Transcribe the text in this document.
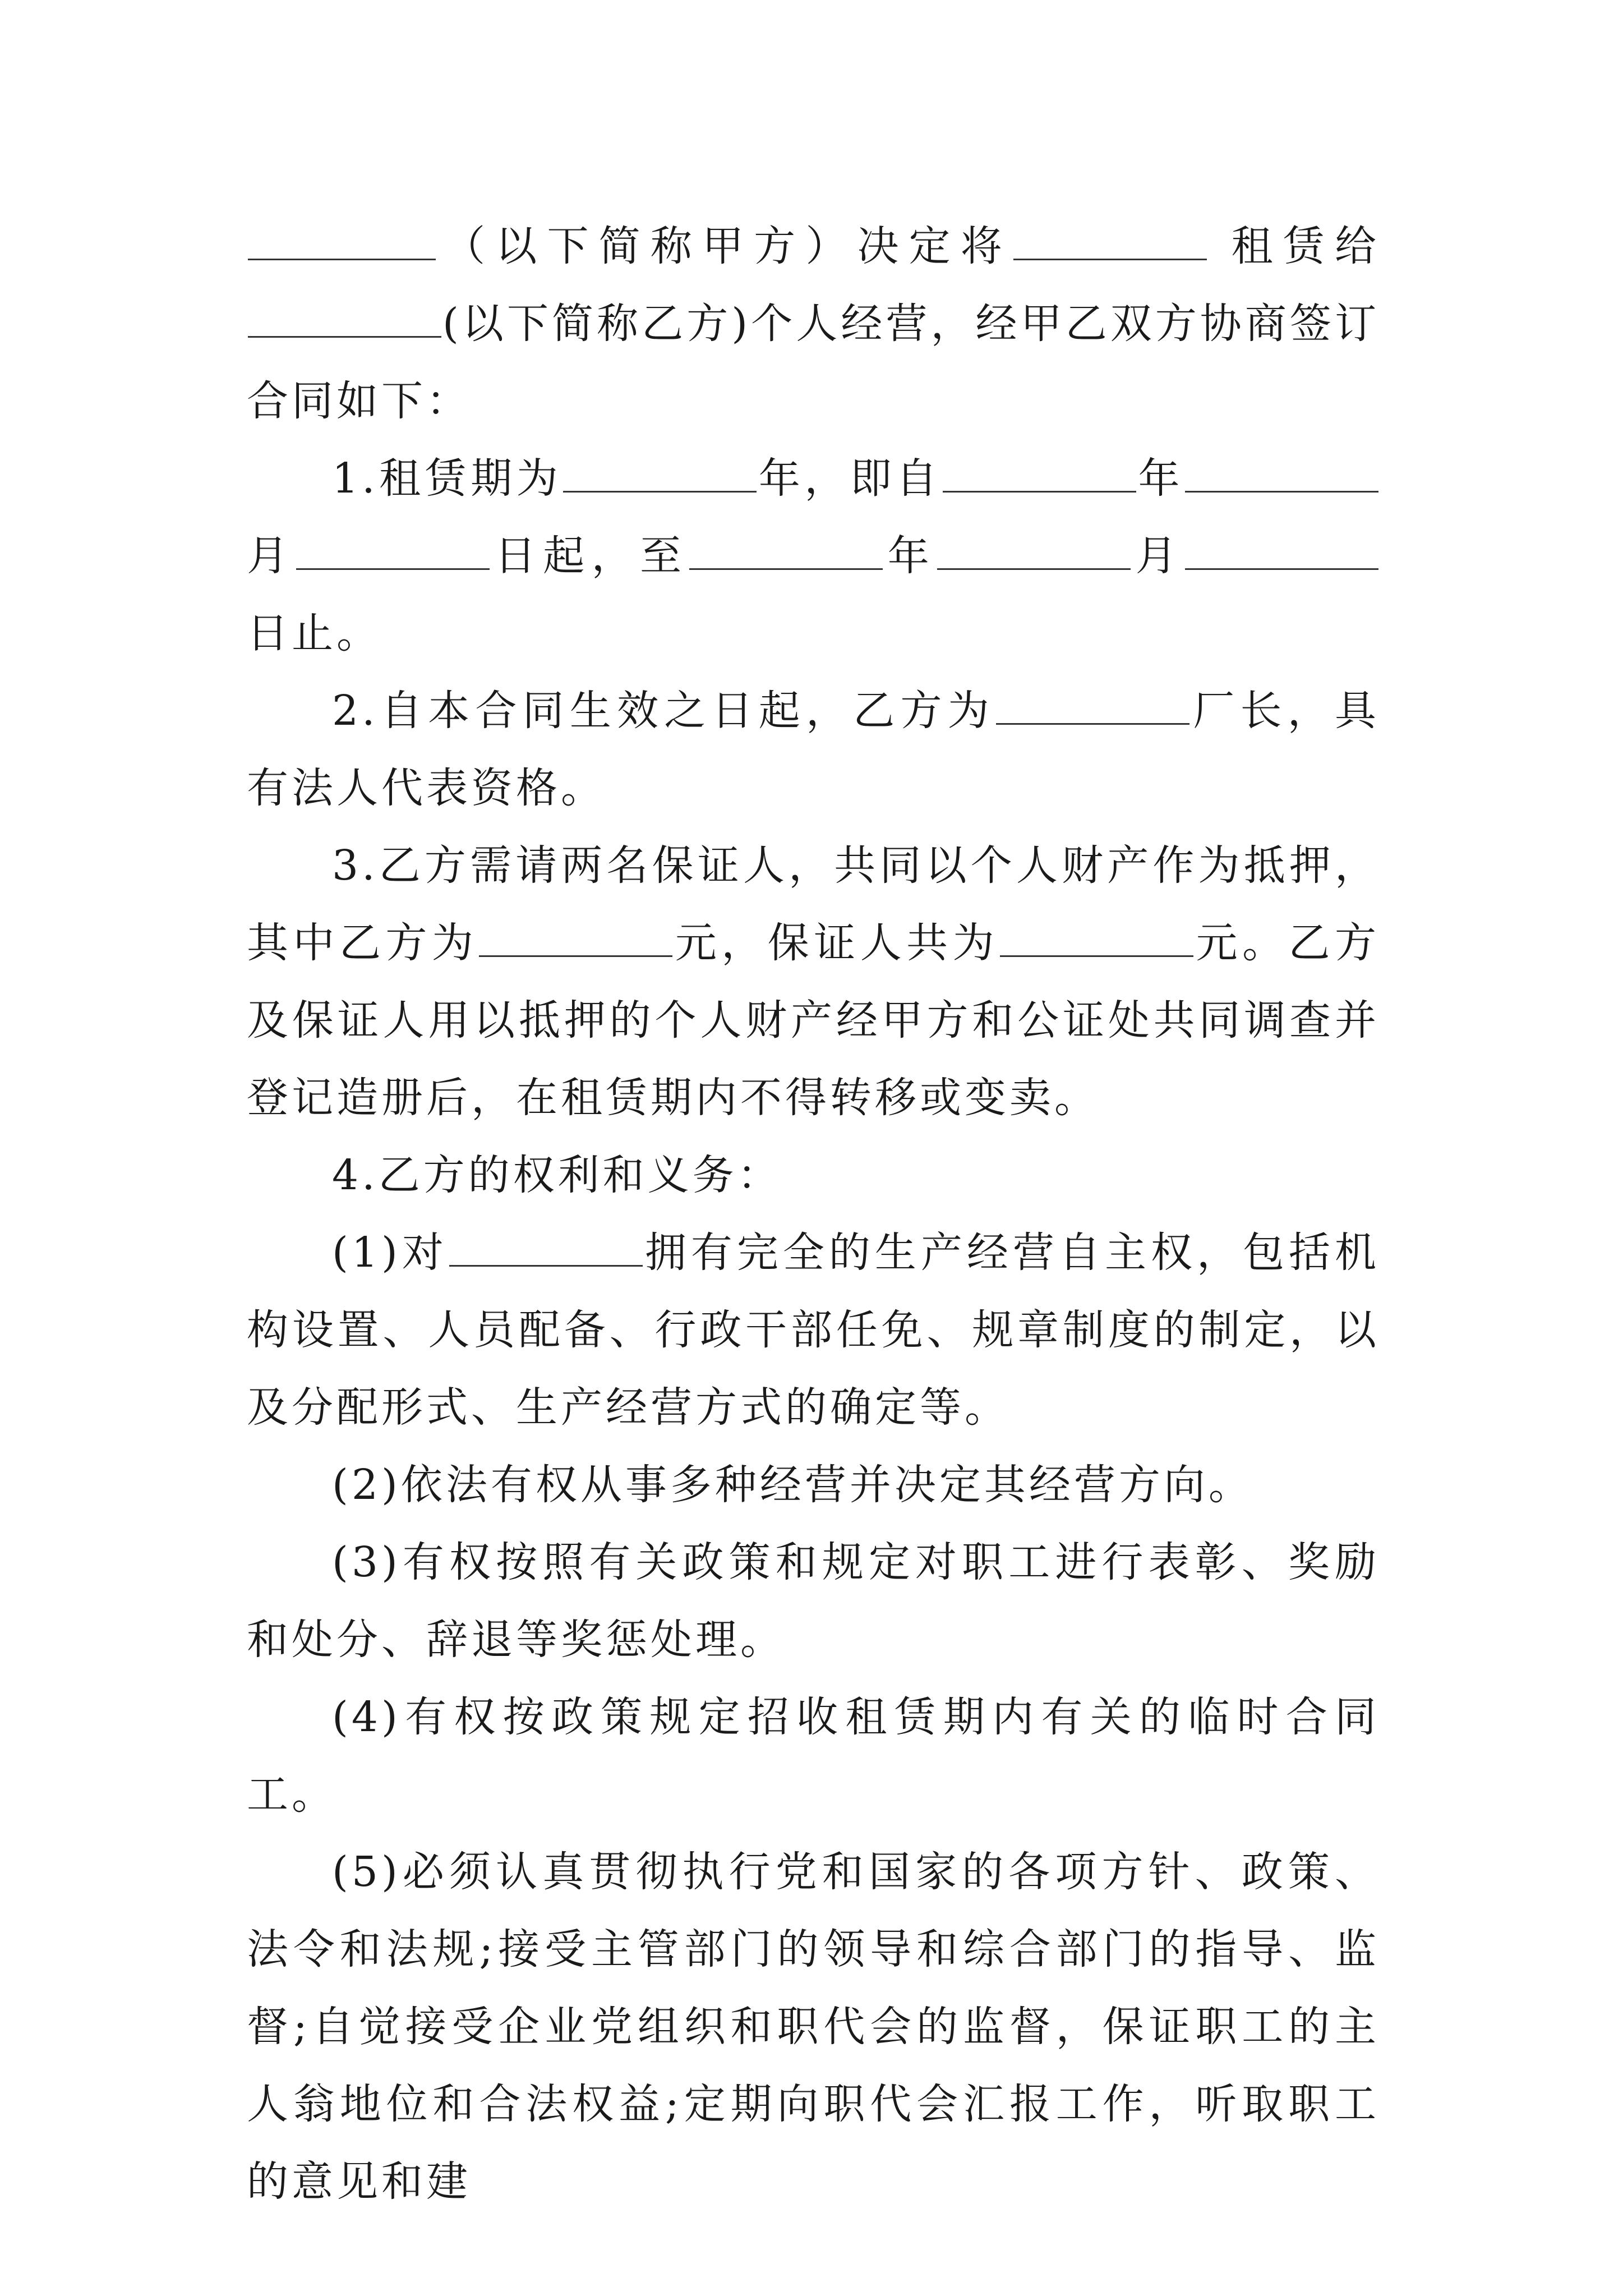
（以下简称甲方）决定将	租赁给(以下简称乙方)个人经营，经甲乙双方协商签订合同如下：

1.租赁期为	年，即自	年月	日起，至	年	月日止。

2.自本合同生效之日起，乙方为	厂长，具有法人代表资格。

3.乙方需请两名保证人，共同以个人财产作为抵押，其中乙方为	元，保证人共为	元。乙方及保证人用以抵押的个人财产经甲方和公证处共同调查并登记造册后，在租赁期内不得转移或变卖。

4.乙方的权利和义务：

(1)对	拥有完全的生产经营自主权，包括机构设置、人员配备、行政干部任免、规章制度的制定，以及分配形式、生产经营方式的确定等。

(2)依法有权从事多种经营并决定其经营方向。

(3)有权按照有关政策和规定对职工进行表彰、奖励和处分、辞退等奖惩处理。

(4)有权按政策规定招收租赁期内有关的临时合同工。

(5)必须认真贯彻执行党和国家的各项方针、政策、法令和法规;接受主管部门的领导和综合部门的指导、监督;自觉接受企业党组织和职代会的监督，保证职工的主人翁地位和合法权益;定期向职代会汇报工作，听取职工的意见和建
